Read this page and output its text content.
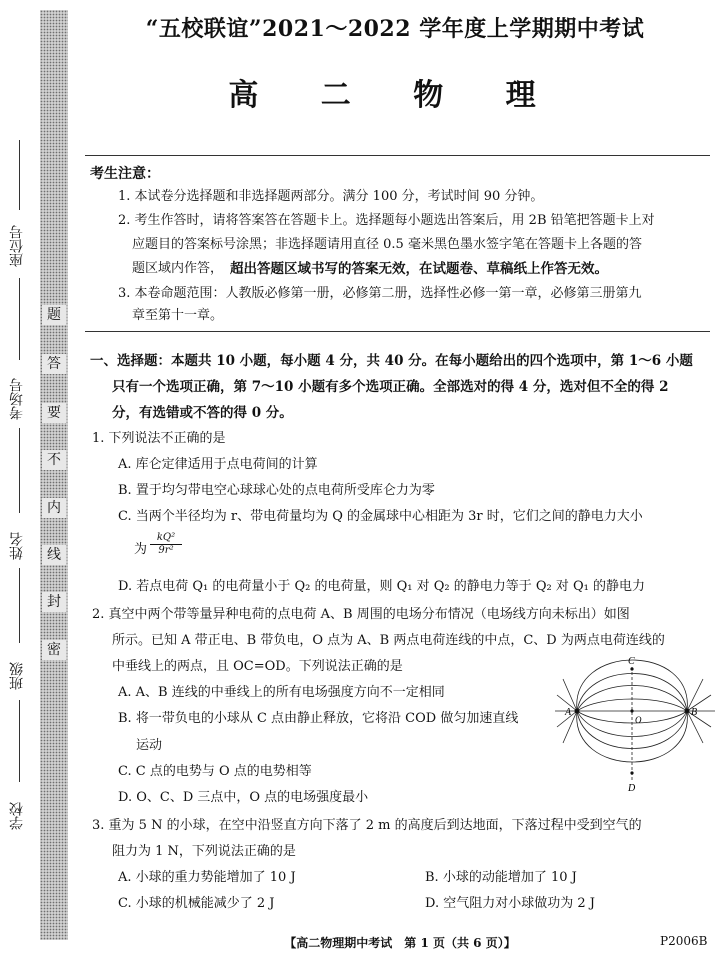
题
答
要
不
内
线
封
密
座位号
考场号
姓名
班级
学校
“五校联谊”2021～2022 学年度上学期期中考试
高 二 物 理
考生注意：
1. 本试卷分选择题和非选择题两部分。满分 100 分，考试时间 90 分钟。
2. 考生作答时，请将答案答在答题卡上。选择题每小题选出答案后，用 2B 铅笔把答题卡上对
应题目的答案标号涂黑；非选择题请用直径 0.5 毫米黑色墨水签字笔在答题卡上各题的答
题区域内作答， 超出答题区域书写的答案无效，在试题卷、草稿纸上作答无效。
3. 本卷命题范围：人教版必修第一册，必修第二册，选择性必修一第一章，必修第三册第九
章至第十一章。
一、选择题：本题共 10 小题，每小题 4 分，共 40 分。在每小题给出的四个选项中，第 1～6 小题
只有一个选项正确，第 7～10 小题有多个选项正确。全部选对的得 4 分，选对但不全的得 2
分，有选错或不答的得 0 分。
1. 下列说法不正确的是
A. 库仑定律适用于点电荷间的计算
B. 置于均匀带电空心球球心处的点电荷所受库仑力为零
C. 当两个半径均为 r、带电荷量均为 Q 的金属球中心相距为 3r 时，它们之间的静电力大小
为 $\frac{\text{kQ²}}{\text{9r²}}$
D. 若点电荷 Q₁ 的电荷量小于 Q₂ 的电荷量，则 Q₁ 对 Q₂ 的静电力等于 Q₂ 对 Q₁ 的静电力
2. 真空中两个带等量异种电荷的点电荷 A、B 周围的电场分布情况（电场线方向未标出）如图
所示。已知 A 带正电、B 带负电，O 点为 A、B 两点电荷连线的中点，C、D 为两点电荷连线的
中垂线上的两点，且 OC=OD。下列说法正确的是
A. A、B 连线的中垂线上的所有电场强度方向不一定相同
B. 将一带负电的小球从 C 点由静止释放，它将沿 COD 做匀加速直线
运动
C. C 点的电势与 O 点的电势相等
D. O、C、D 三点中，O 点的电场强度最小
A	B
C
D
O
3. 重为 5 N 的小球，在空中沿竖直方向下落了 2 m 的高度后到达地面，下落过程中受到空气的
阻力为 1 N，下列说法正确的是
A. 小球的重力势能增加了 10 J	B. 小球的动能增加了 10 J
C. 小球的机械能减少了 2 J	D. 空气阻力对小球做功为 2 J
【高二物理期中考试　第 1 页（共 6 页）】	P2006B
